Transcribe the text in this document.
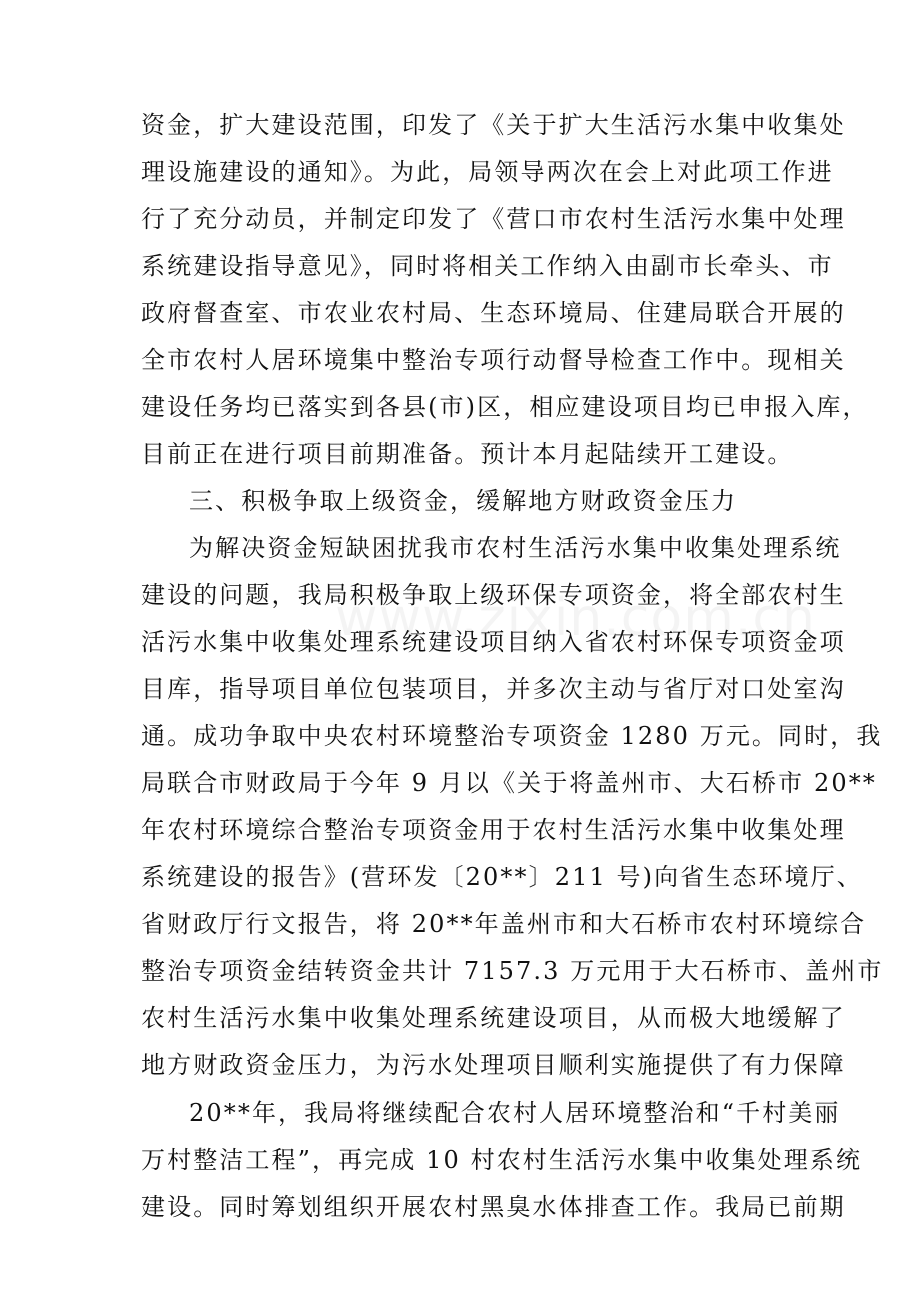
资金，扩大建设范围，印发了《关于扩大生活污水集中收集处
理设施建设的通知》。为此，局领导两次在会上对此项工作进
行了充分动员，并制定印发了《营口市农村生活污水集中处理
系统建设指导意见》，同时将相关工作纳入由副市长牵头、市
政府督查室、市农业农村局、生态环境局、住建局联合开展的
全市农村人居环境集中整治专项行动督导检查工作中。现相关
建设任务均已落实到各县(市)区，相应建设项目均已申报入库，
目前正在进行项目前期准备。预计本月起陆续开工建设。
三、积极争取上级资金，缓解地方财政资金压力
为解决资金短缺困扰我市农村生活污水集中收集处理系统
建设的问题，我局积极争取上级环保专项资金，将全部农村生
活污水集中收集处理系统建设项目纳入省农村环保专项资金项
目库，指导项目单位包装项目，并多次主动与省厅对口处室沟
通。成功争取中央农村环境整治专项资金 1280 万元。同时，我
局联合市财政局于今年 9 月以《关于将盖州市、大石桥市 20**
年农村环境综合整治专项资金用于农村生活污水集中收集处理
系统建设的报告》(营环发〔20**〕211 号)向省生态环境厅、
省财政厅行文报告，将 20**年盖州市和大石桥市农村环境综合
整治专项资金结转资金共计 7157.3 万元用于大石桥市、盖州市
农村生活污水集中收集处理系统建设项目，从而极大地缓解了
地方财政资金压力，为污水处理项目顺利实施提供了有力保障
20**年，我局将继续配合农村人居环境整治和“千村美丽
万村整洁工程”，再完成 10 村农村生活污水集中收集处理系统
建设。同时筹划组织开展农村黑臭水体排查工作。我局已前期
